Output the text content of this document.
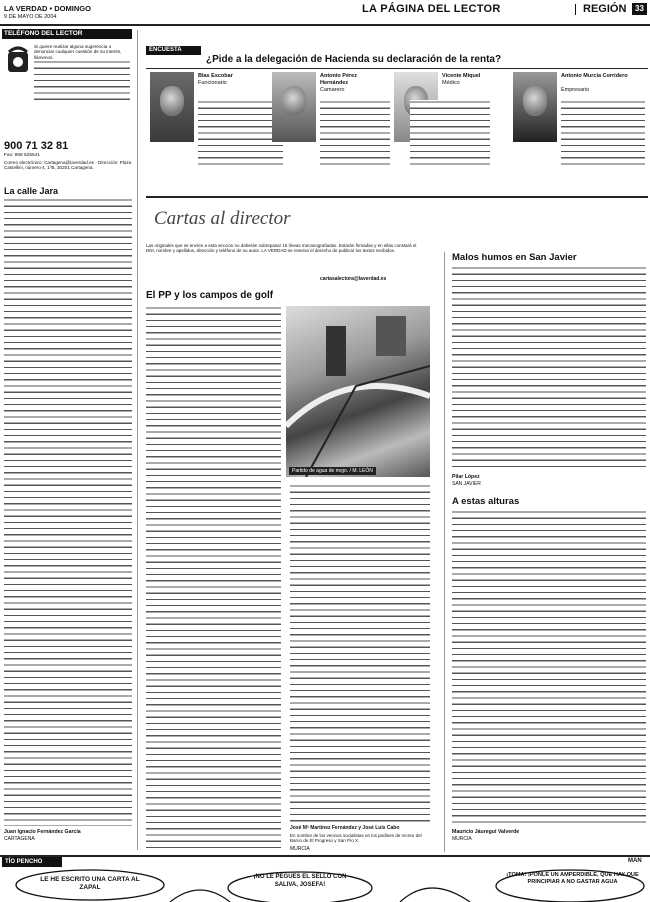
LA VERDAD • DOMINGO
9 DE MAYO DE 2004
LA PÁGINA DEL LECTOR	REGIÓN	33
TELÉFONO DEL LECTOR
Si quiere realizar alguna sugerencia o denunciar cualquier cuestión de su interés, llámenos.
900 71 32 81
Fax: 968 526541
Correo electrónico: Cartagena@laverdad.es · Dirección: Plaza Castellini, número 4, 1ºB, 30201 Cartagena.
La calle Jara
Juan Ignacio Fernández García
CARTAGENA
ENCUESTA
¿Pide a la delegación de Hacienda su declaración de la renta?
Blas Escobar
Funcionario
Antonio Pérez Hernández
Camarero
Vicente Miquel
Médico
Antonio Murcia Corridero
Empresario
Cartas al director
Las originales que se envíen a esta sección no deberán sobrepasar 15 líneas mecanografiadas. Estarán firmadas y en ellas constará el DNI, nombre y apellidos, dirección y teléfono de su autor. LA VERDAD se reserva el derecho de publicar los textos recibidos.
cartasalectora@laverdad.es
El PP y los campos de golf
Partido de agua de riego. / M. LEÓN
José Mª Martínez Fernández y José Luis Cabo
En nombre de los vecinos socialistas en los jardines de recreo del Barrio de El Progreso y San Pío X.
MURCIA
Malos humos en San Javier
Pilar López
SAN JAVIER
A estas alturas
Mauricio Jáuregui Valverde
MURCIA
TÍO PENCHO	MAN
LE HE ESCRITO UNA CARTA AL ZAPAL
¡NO LE PEGUES EL SELLO CON SALIVA, JOSEFA!
¡TOMA! ¡PONLE UN AMPERDIBLE, QUE HAY QUE PRINCIPIAR A NO GASTAR AGUA
